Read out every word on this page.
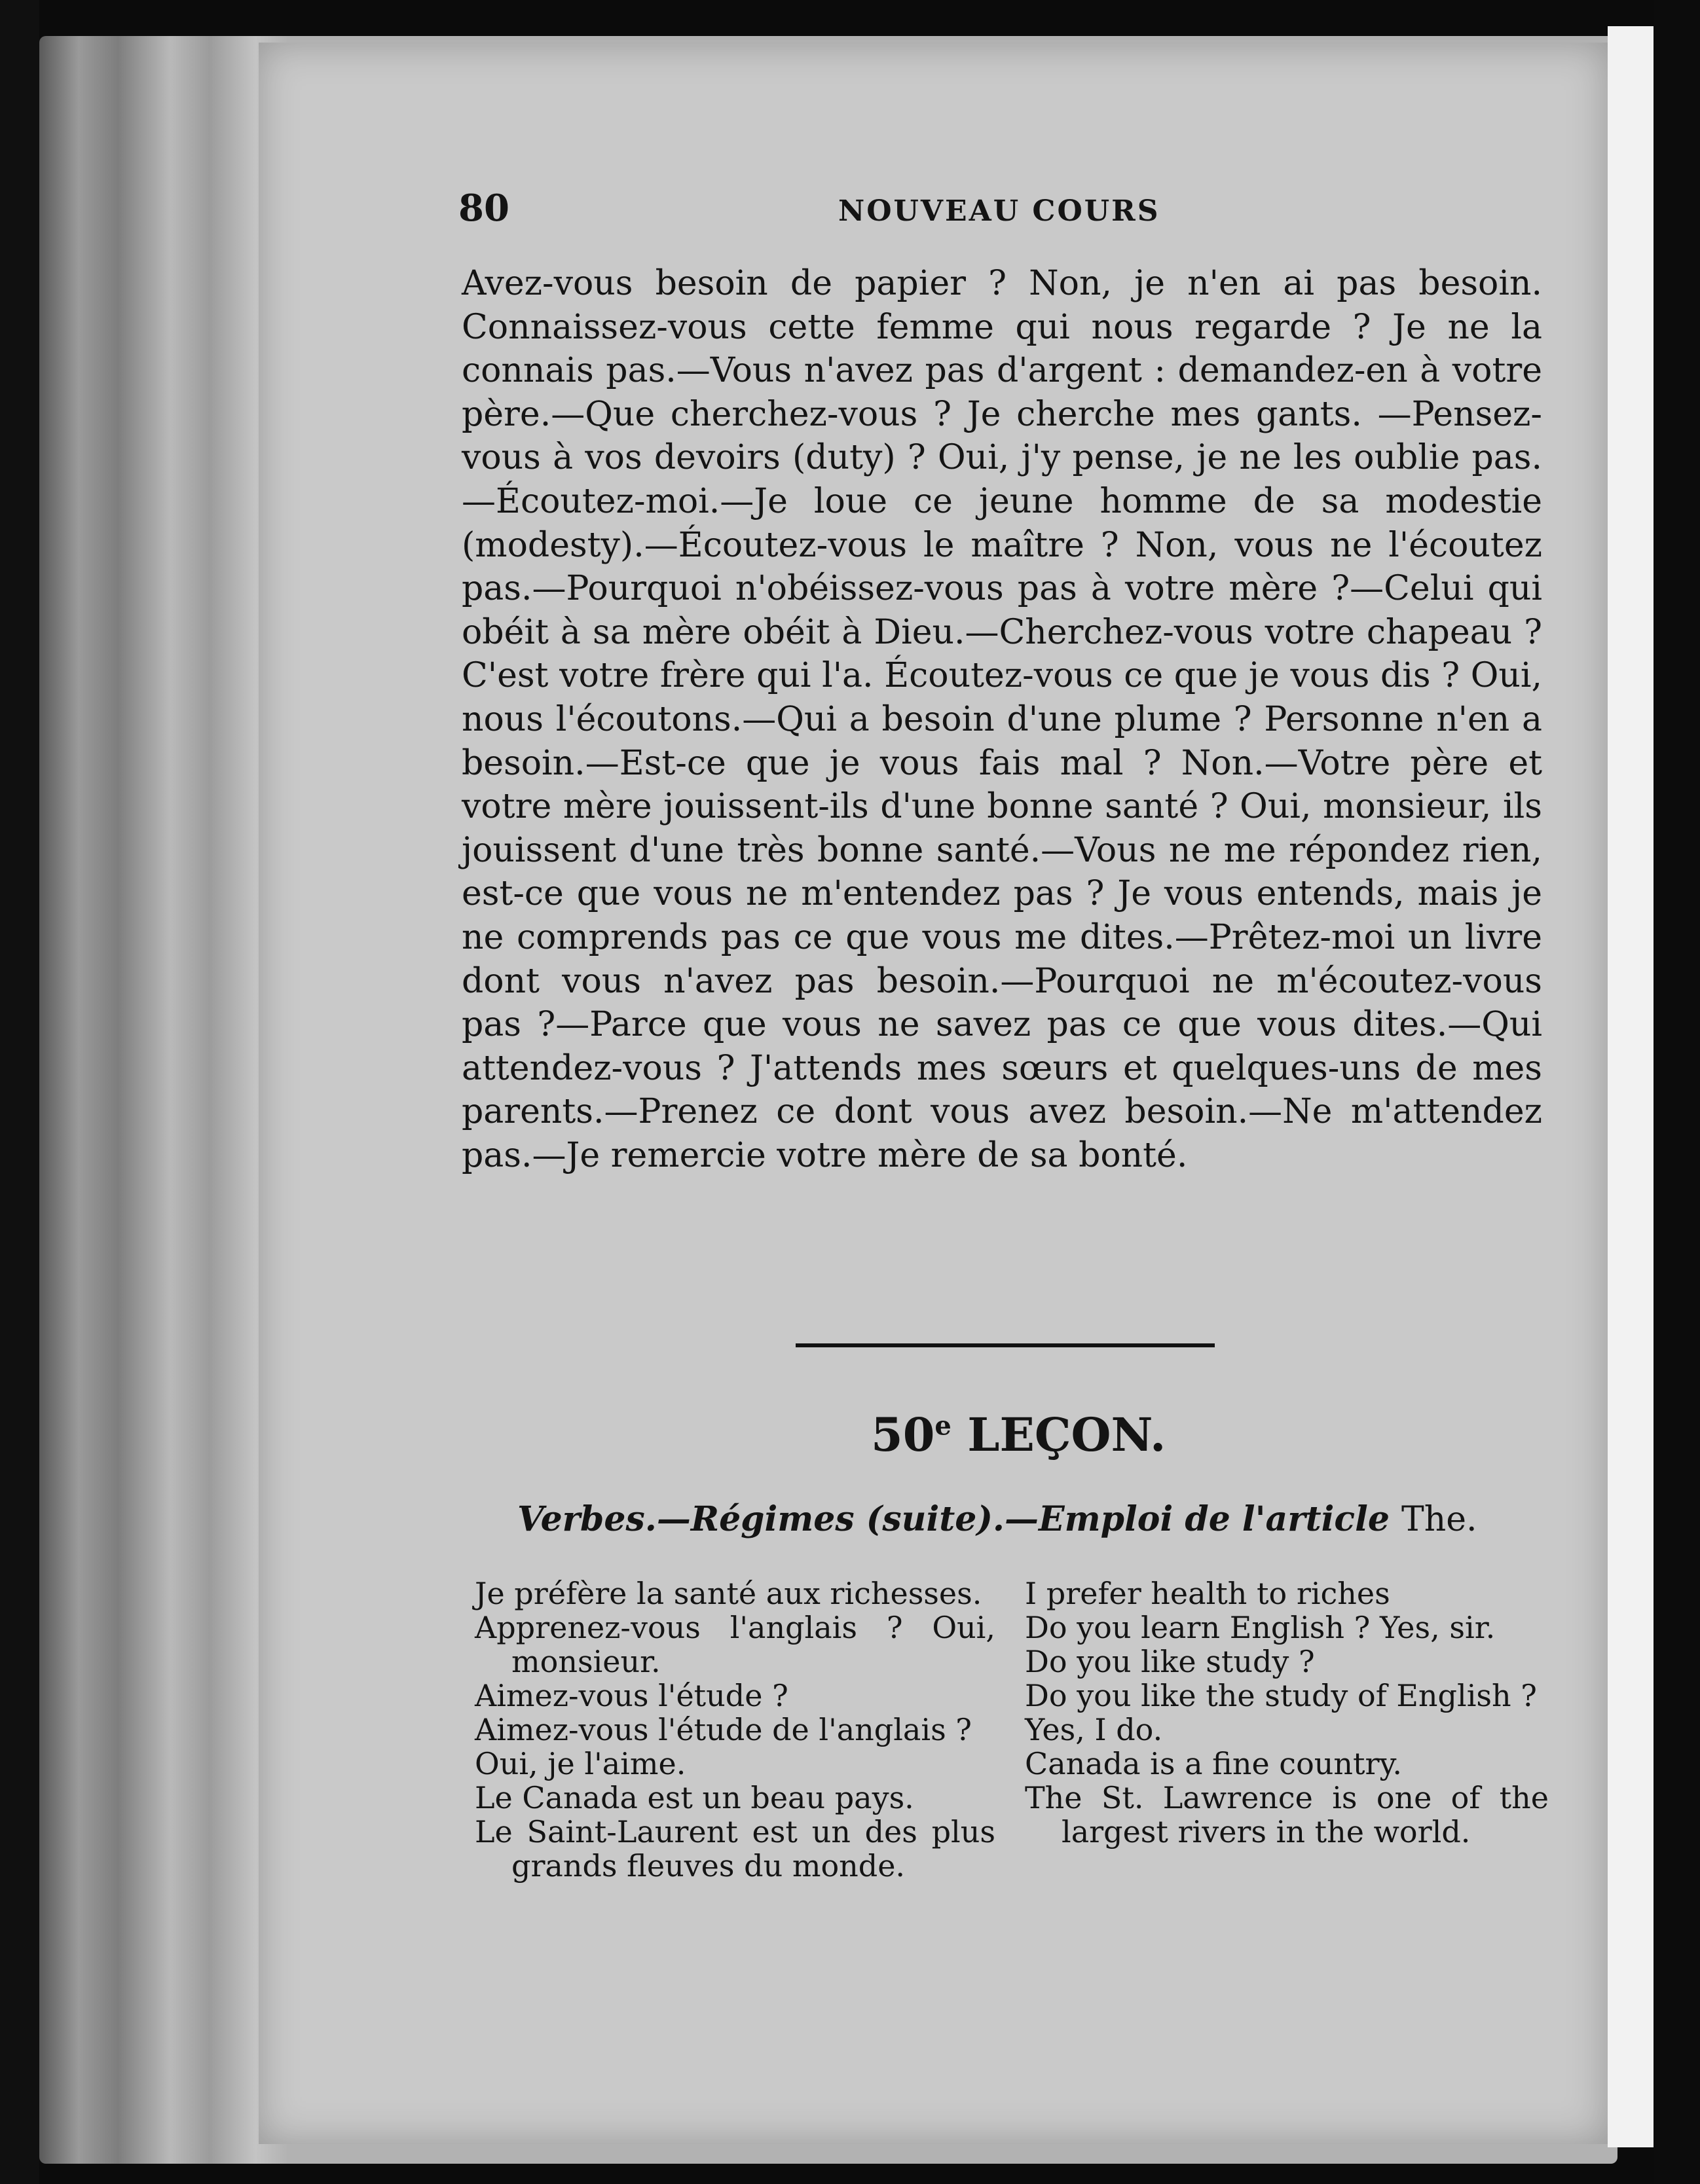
80	NOUVEAU COURS

Avez-vous besoin de papier ? Non, je n'en ai pas besoin. Connaissez-vous cette femme qui nous regarde ? Je ne la connais pas.—Vous n'avez pas d'argent : demandez-en à votre père.—Que cherchez-vous ? Je cherche mes gants. —Pensez-vous à vos devoirs (duty) ? Oui, j'y pense, je ne les oublie pas.—Écoutez-moi.—Je loue ce jeune homme de sa modestie (modesty).—Écoutez-vous le maître ? Non, vous ne l'écoutez pas.—Pourquoi n'obéissez-vous pas à votre mère ?—Celui qui obéit à sa mère obéit à Dieu.—Cherchez-vous votre chapeau ? C'est votre frère qui l'a. Écoutez-vous ce que je vous dis ? Oui, nous l'écoutons.—Qui a besoin d'une plume ? Personne n'en a besoin.—Est-ce que je vous fais mal ? Non.—Votre père et votre mère jouissent-ils d'une bonne santé ? Oui, monsieur, ils jouissent d'une très bonne santé.—Vous ne me répondez rien, est-ce que vous ne m'entendez pas ? Je vous entends, mais je ne comprends pas ce que vous me dites.—Prêtez-moi un livre dont vous n'avez pas besoin.—Pourquoi ne m'écoutez-vous pas ?—Parce que vous ne savez pas ce que vous dites.—Qui attendez-vous ? J'attends mes sœurs et quelques-uns de mes parents.—Prenez ce dont vous avez besoin.—Ne m'attendez pas.—Je remercie votre mère de sa bonté.

50e LEÇON.
Verbes.—Régimes (suite).—Emploi de l'article The.

Je préfère la santé aux richesses.

Apprenez-vous l'anglais ? Oui, monsieur.

Aimez-vous l'étude ?

Aimez-vous l'étude de l'anglais ?

Oui, je l'aime.

Le Canada est un beau pays.

Le Saint-Laurent est un des plus grands fleuves du monde.

I prefer health to riches

Do you learn English ? Yes, sir.

Do you like study ?

Do you like the study of English ?

Yes, I do.

Canada is a fine country.

The St. Lawrence is one of the largest rivers in the world.
